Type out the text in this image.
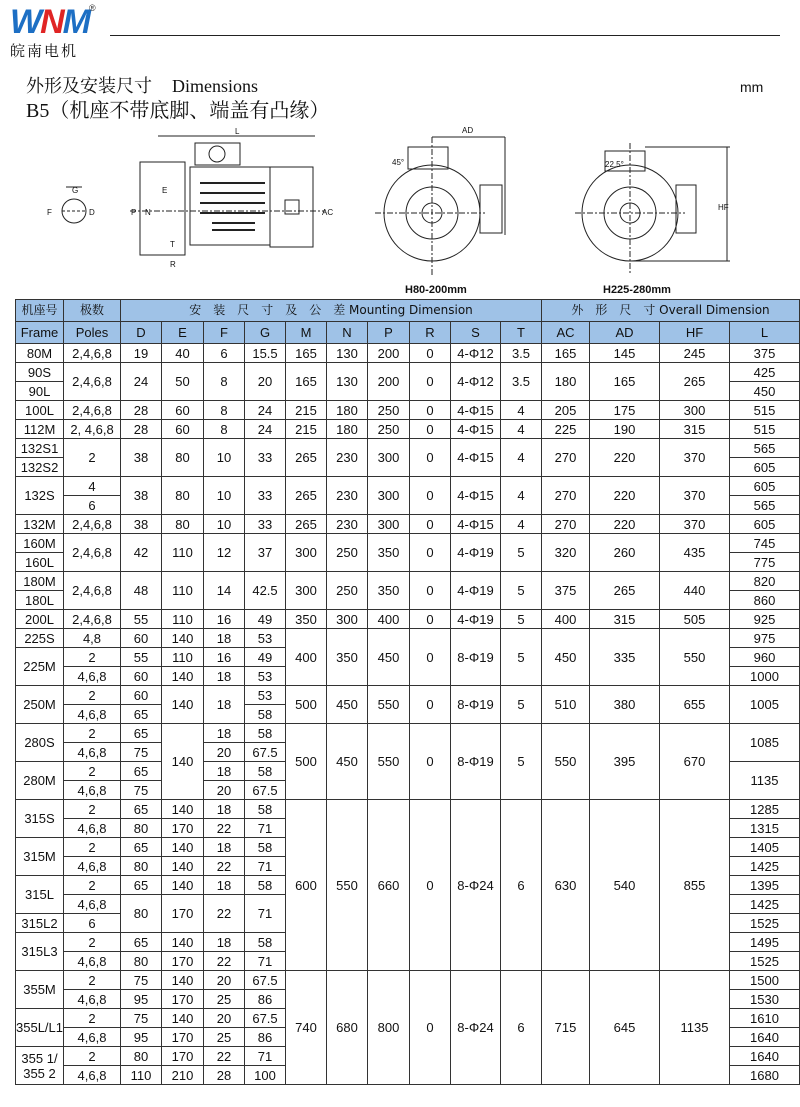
WNM®
皖南电机
外形及安装尺寸 Dimensions
B5（机座不带底脚、端盖有凸缘）
mm
G
F	D
L
E
P N
T
R
AC
AD
45°	22.5°
HF
H80-200mm	H225-280mm
机座号	极数	安　装　尺　寸　及　公　差 Mounting Dimension										外　形　尺　寸 Overall Dimension			
Frame	Poles	D	E	F	G	M	N	P	R	S	T	AC	AD	HF	L
80M	2,4,6,8	19	40	6	15.5	165	130	200	0	4-Φ12	3.5	165	145	245	375
90S	2,4,6,8	24	50	8	20	165	130	200	0	4-Φ12	3.5	180	165	265	425
90L															450
100L	2,4,6,8	28	60	8	24	215	180	250	0	4-Φ15	4	205	175	300	515
112M	2, 4,6,8	28	60	8	24	215	180	250	0	4-Φ15	4	225	190	315	515
132S1	2	38	80	10	33	265	230	300	0	4-Φ15	4	270	220	370	565
132S2															605
132S	4	38	80	10	33	265	230	300	0	4-Φ15	4	270	220	370	605
	6														565
132M	2,4,6,8	38	80	10	33	265	230	300	0	4-Φ15	4	270	220	370	605
160M	2,4,6,8	42	110	12	37	300	250	350	0	4-Φ19	5	320	260	435	745
160L															775
180M	2,4,6,8	48	110	14	42.5	300	250	350	0	4-Φ19	5	375	265	440	820
180L															860
200L	2,4,6,8	55	110	16	49	350	300	400	0	4-Φ19	5	400	315	505	925
225S	4,8	60	140	18	53	400	350	450	0	8-Φ19	5	450	335	550	975
225M	2	55	110	16	49										960
	4,6,8	60	140	18	53										1000
250M	2	60	140	18	53	500	450	550	0	8-Φ19	5	510	380	655	1005
	4,6,8	65			58										
280S	2	65	140	18	58	500	450	550	0	8-Φ19	5	550	395	670	1085
	4,6,8	75		20	67.5										
280M	2	65		18	58										1135
	4,6,8	75		20	67.5										
315S	2	65	140	18	58	600	550	660	0	8-Φ24	6	630	540	855	1285
	4,6,8	80	170	22	71										1315
315M	2	65	140	18	58										1405
	4,6,8	80	140	22	71										1425
315L	2	65	140	18	58										1395
	4,6,8	80	170	22	71										1425
315L2	6														1525
315L3	2	65	140	18	58										1495
	4,6,8	80	170	22	71										1525
355M	2	75	140	20	67.5	740	680	800	0	8-Φ24	6	715	645	1135	1500
	4,6,8	95	170	25	86										1530
355L/L1	2	75	140	20	67.5										1610
	4,6,8	95	170	25	86										1640
355 1/
355 2	2	80	170	22	71										1640
	4,6,8	110	210	28	100										1680
